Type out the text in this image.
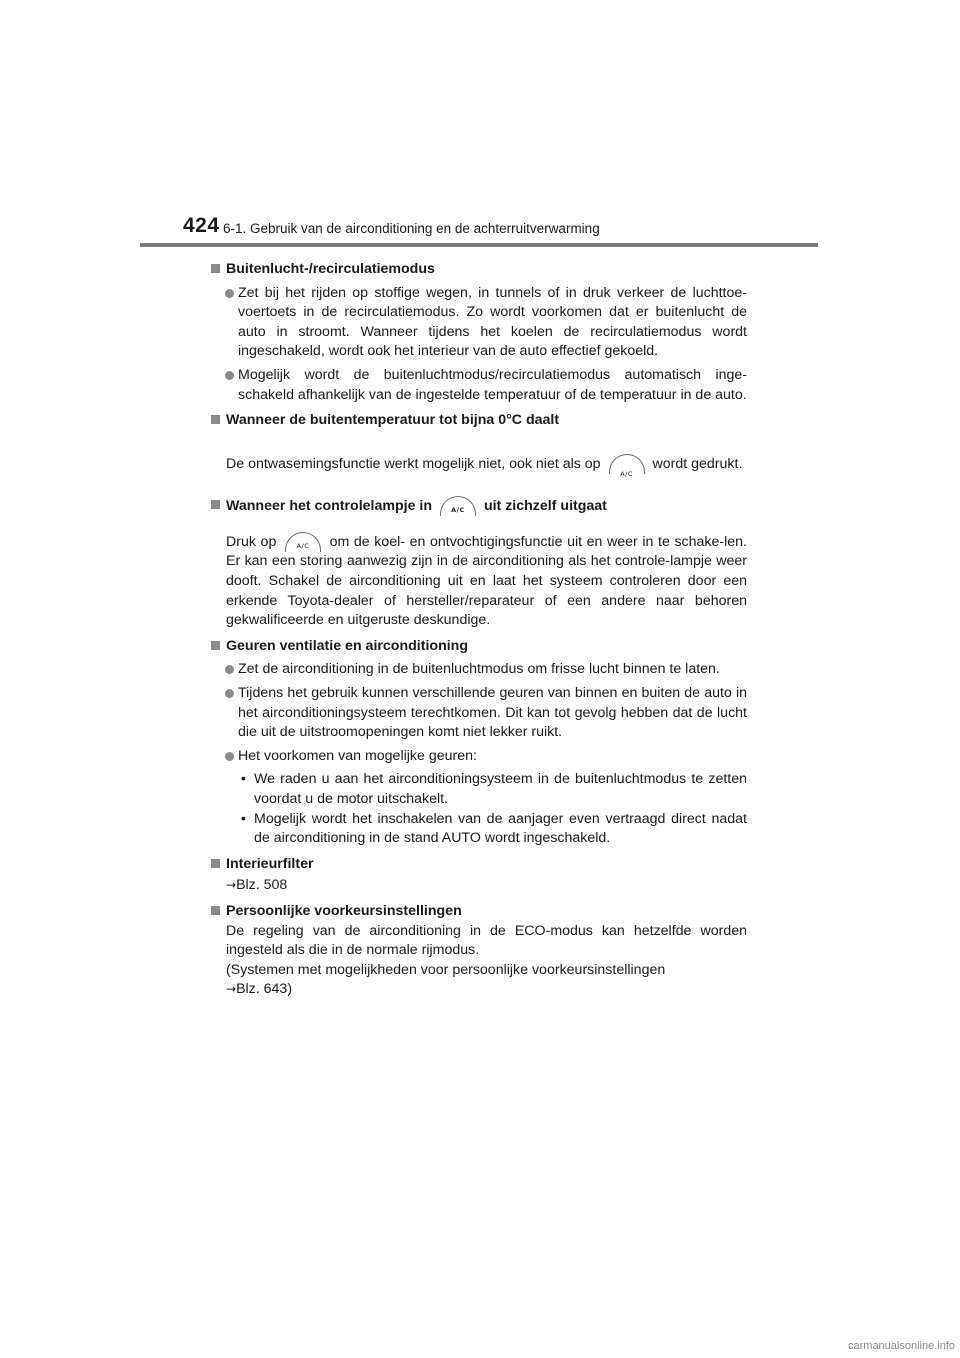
424 6-1. Gebruik van de airconditioning en de achterruitverwarming
Buitenlucht-/recirculatiemodus
Zet bij het rijden op stoffige wegen, in tunnels of in druk verkeer de luchttoe-voertoets in de recirculatiemodus. Zo wordt voorkomen dat er buitenlucht de auto in stroomt. Wanneer tijdens het koelen de recirculatiemodus wordt ingeschakeld, wordt ook het interieur van de auto effectief gekoeld.
Mogelijk wordt de buitenluchtmodus/recirculatiemodus automatisch inge-schakeld afhankelijk van de ingestelde temperatuur of de temperatuur in de auto.
Wanneer de buitentemperatuur tot bijna 0°C daalt
De ontwasemingsfunctie werkt mogelijk niet, ook niet als op
A/C
wordt gedrukt.
Wanneer het controlelampje in	A/C	uit zichzelf uitgaat
Druk op	A/C	om de koel- en ontvochtigingsfunctie uit en weer in te schake-len. Er kan een storing aanwezig zijn in de airconditioning als het controle-lampje weer dooft. Schakel de airconditioning uit en laat het systeem controleren door een erkende Toyota-dealer of hersteller/reparateur of een andere naar behoren gekwalificeerde en uitgeruste deskundige.
Geuren ventilatie en airconditioning
Zet de airconditioning in de buitenluchtmodus om frisse lucht binnen te laten.
Tijdens het gebruik kunnen verschillende geuren van binnen en buiten de auto in het airconditioningsysteem terechtkomen. Dit kan tot gevolg hebben dat de lucht die uit de uitstroomopeningen komt niet lekker ruikt.
Het voorkomen van mogelijke geuren:
• We raden u aan het airconditioningsysteem in de buitenluchtmodus te zetten voordat u de motor uitschakelt.
• Mogelijk wordt het inschakelen van de aanjager even vertraagd direct nadat de airconditioning in de stand AUTO wordt ingeschakeld.
Interieurfilter
→Blz. 508
Persoonlijke voorkeursinstellingen
De regeling van de airconditioning in de ECO-modus kan hetzelfde worden ingesteld als die in de normale rijmodus.
(Systemen met mogelijkheden voor persoonlijke voorkeursinstellingen
→Blz. 643)
carmanualsonline.info
